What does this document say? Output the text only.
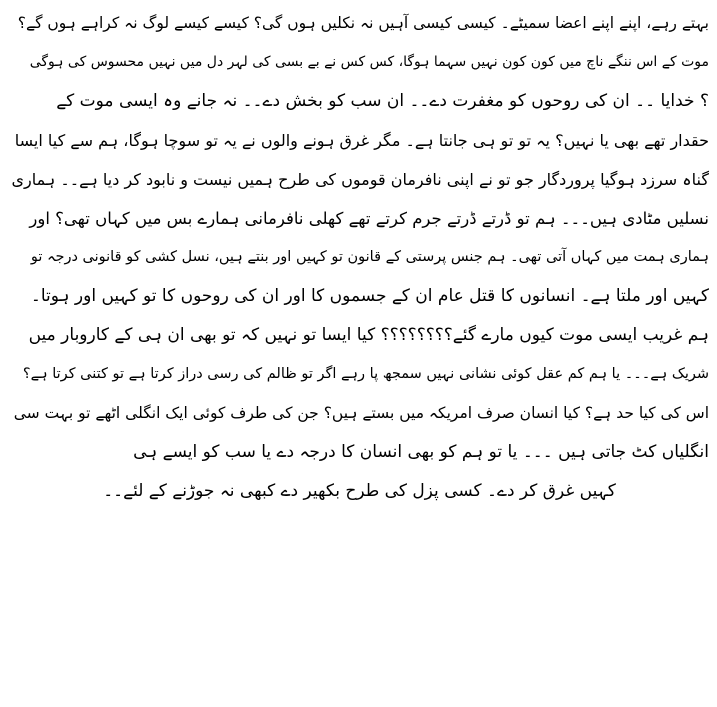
بہتے رہے، اپنے اپنے اعضا سمیٹے۔ کیسی کیسی آہیں نہ نکلیں ہوں گی؟ کیسے کیسے لوگ نہ کراہے ہوں گے؟
موت کے اس ننگے ناچ میں کون کون نہیں سہما ہوگا، کس کس نے بے بسی کی لہر دل میں نہیں محسوس کی ہوگی
؟ خدایا ۔۔ ان کی روحوں کو مغفرت دے۔۔ ان سب کو بخش دے۔۔ نہ جانے وہ ایسی موت کے
حقدار تھے بھی یا نہیں؟ یہ تو تو ہی جانتا ہے۔ مگر غرق ہونے والوں نے یہ تو سوچا ہوگا، ہم سے کیا ایسا
گناہ سرزد ہوگیا پروردگار جو تو نے اپنی نافرمان قوموں کی طرح ہمیں نیست و نابود کر دیا ہے۔۔ ہماری
نسلیں مٹادی ہیں۔۔۔ ہم تو ڈرتے ڈرتے جرم کرتے تھے کھلی نافرمانی ہمارے بس میں کہاں تھی؟ اور
ہماری ہمت میں کہاں آتی تھی۔ ہم جنس پرستی کے قانون تو کہیں اور بنتے ہیں، نسل کشی کو قانونی درجہ تو
کہیں اور ملتا ہے۔ انسانوں کا قتل عام ان کے جسموں کا اور ان کی روحوں کا تو کہیں اور ہوتا۔
ہم غریب ایسی موت کیوں مارے گئے؟؟؟؟؟؟؟؟ کیا ایسا تو نہیں کہ تو بھی ان ہی کے کاروبار میں
شریک ہے۔۔۔ یا ہم کم عقل کوئی نشانی نہیں سمجھ پا رہے اگر تو ظالم کی رسی دراز کرتا ہے تو کتنی کرتا ہے؟
اس کی کیا حد ہے؟ کیا انسان صرف امریکہ میں بستے ہیں؟ جن کی طرف کوئی ایک انگلی اٹھے تو بہت سی
انگلیاں کٹ جاتی ہیں ۔۔۔ یا تو ہم کو بھی انسان کا درجہ دے یا سب کو ایسے ہی
کہیں غرق کر دے۔ کسی پزل کی طرح بکھیر دے کبھی نہ جوڑنے کے لئے۔۔
